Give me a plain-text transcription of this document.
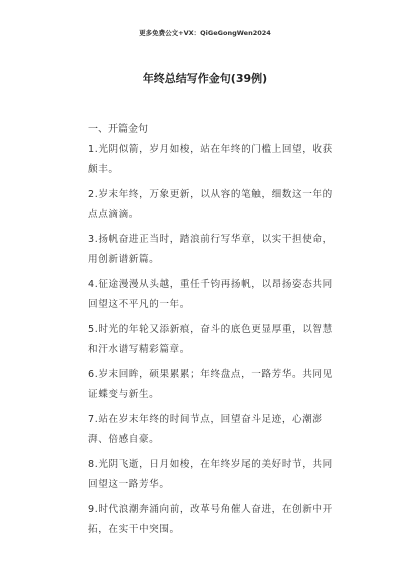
更多免费公文+VX：QiGeGongWen2024
年终总结写作金句(39例)
一、开篇金句

1.光阴似箭，岁月如梭，站在年终的门槛上回望，收获颇丰。

2.岁末年终，万象更新，以从容的笔触，细数这一年的点点滴滴。

3.扬帆奋进正当时，踏浪前行写华章，以实干担使命，用创新谱新篇。

4.征途漫漫从头越，重任千钧再扬帆，以昂扬姿态共同回望这不平凡的一年。

5.时光的年轮又添新痕，奋斗的底色更显厚重，以智慧和汗水谱写精彩篇章。

6.岁末回眸，硕果累累；年终盘点，一路芳华。共同见证蝶变与新生。

7.站在岁末年终的时间节点，回望奋斗足迹，心潮澎湃、倍感自豪。

8.光阴飞逝，日月如梭，在年终岁尾的美好时节，共同回望这一路芳华。

9.时代浪潮奔涌向前，改革号角催人奋进，在创新中开拓，在实干中突围。
